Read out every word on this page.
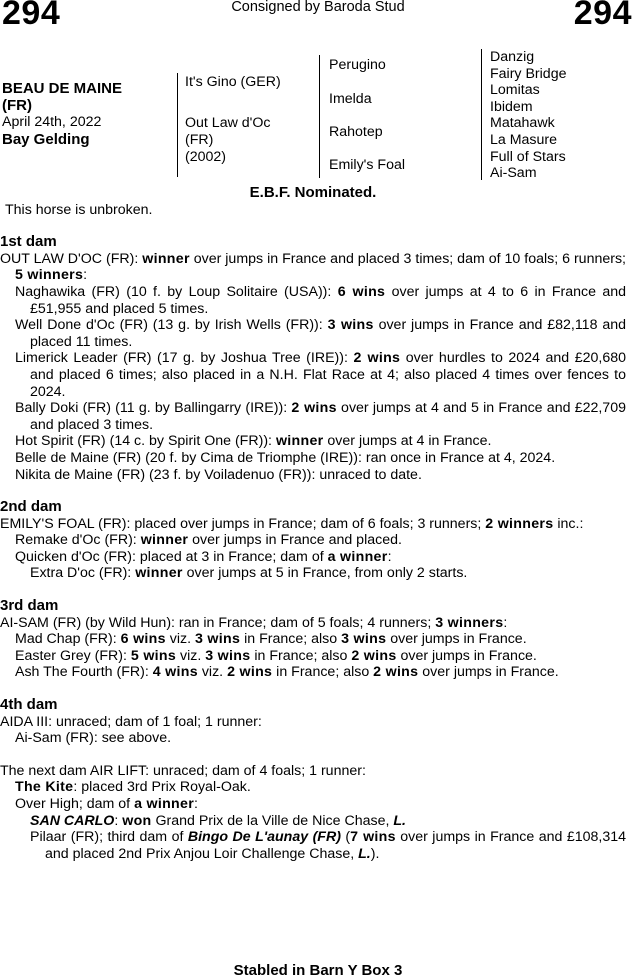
294	Consigned by Baroda Stud	294
BEAU DE MAINE
(FR)
April 24th, 2022
Bay Gelding
It's Gino (GER)
Out Law d'Oc
(FR)
(2002)
Perugino
Imelda
Rahotep
Emily's Foal
Danzig
Fairy Bridge
Lomitas
Ibidem
Matahawk
La Masure
Full of Stars
Ai-Sam
E.B.F. Nominated.
This horse is unbroken.
1st dam
OUT LAW D'OC (FR): winner over jumps in France and placed 3 times; dam of 10 foals; 6 runners; 5 winners:
Naghawika (FR) (10 f. by Loup Solitaire (USA)): 6 wins over jumps at 4 to 6 in France and £51,955 and placed 5 times.
Well Done d'Oc (FR) (13 g. by Irish Wells (FR)): 3 wins over jumps in France and £82,118 and placed 11 times.
Limerick Leader (FR) (17 g. by Joshua Tree (IRE)): 2 wins over hurdles to 2024 and £20,680 and placed 6 times; also placed in a N.H. Flat Race at 4; also placed 4 times over fences to 2024.
Bally Doki (FR) (11 g. by Ballingarry (IRE)): 2 wins over jumps at 4 and 5 in France and £22,709 and placed 3 times.
Hot Spirit (FR) (14 c. by Spirit One (FR)): winner over jumps at 4 in France.
Belle de Maine (FR) (20 f. by Cima de Triomphe (IRE)): ran once in France at 4, 2024.
Nikita de Maine (FR) (23 f. by Voiladenuo (FR)): unraced to date.
2nd dam
EMILY'S FOAL (FR): placed over jumps in France; dam of 6 foals; 3 runners; 2 winners inc.:
Remake d'Oc (FR): winner over jumps in France and placed.
Quicken d'Oc (FR): placed at 3 in France; dam of a winner:
Extra D'oc (FR): winner over jumps at 5 in France, from only 2 starts.
3rd dam
AI-SAM (FR) (by Wild Hun): ran in France; dam of 5 foals; 4 runners; 3 winners:
Mad Chap (FR): 6 wins viz. 3 wins in France; also 3 wins over jumps in France.
Easter Grey (FR): 5 wins viz. 3 wins in France; also 2 wins over jumps in France.
Ash The Fourth (FR): 4 wins viz. 2 wins in France; also 2 wins over jumps in France.
4th dam
AIDA III: unraced; dam of 1 foal; 1 runner:
Ai-Sam (FR): see above.
The next dam AIR LIFT: unraced; dam of 4 foals; 1 runner:
The Kite: placed 3rd Prix Royal-Oak.
Over High; dam of a winner:
SAN CARLO: won Grand Prix de la Ville de Nice Chase, L.
Pilaar (FR); third dam of Bingo De L'aunay (FR) (7 wins over jumps in France and £108,314 and placed 2nd Prix Anjou Loir Challenge Chase, L.).
Stabled in Barn Y Box 3
